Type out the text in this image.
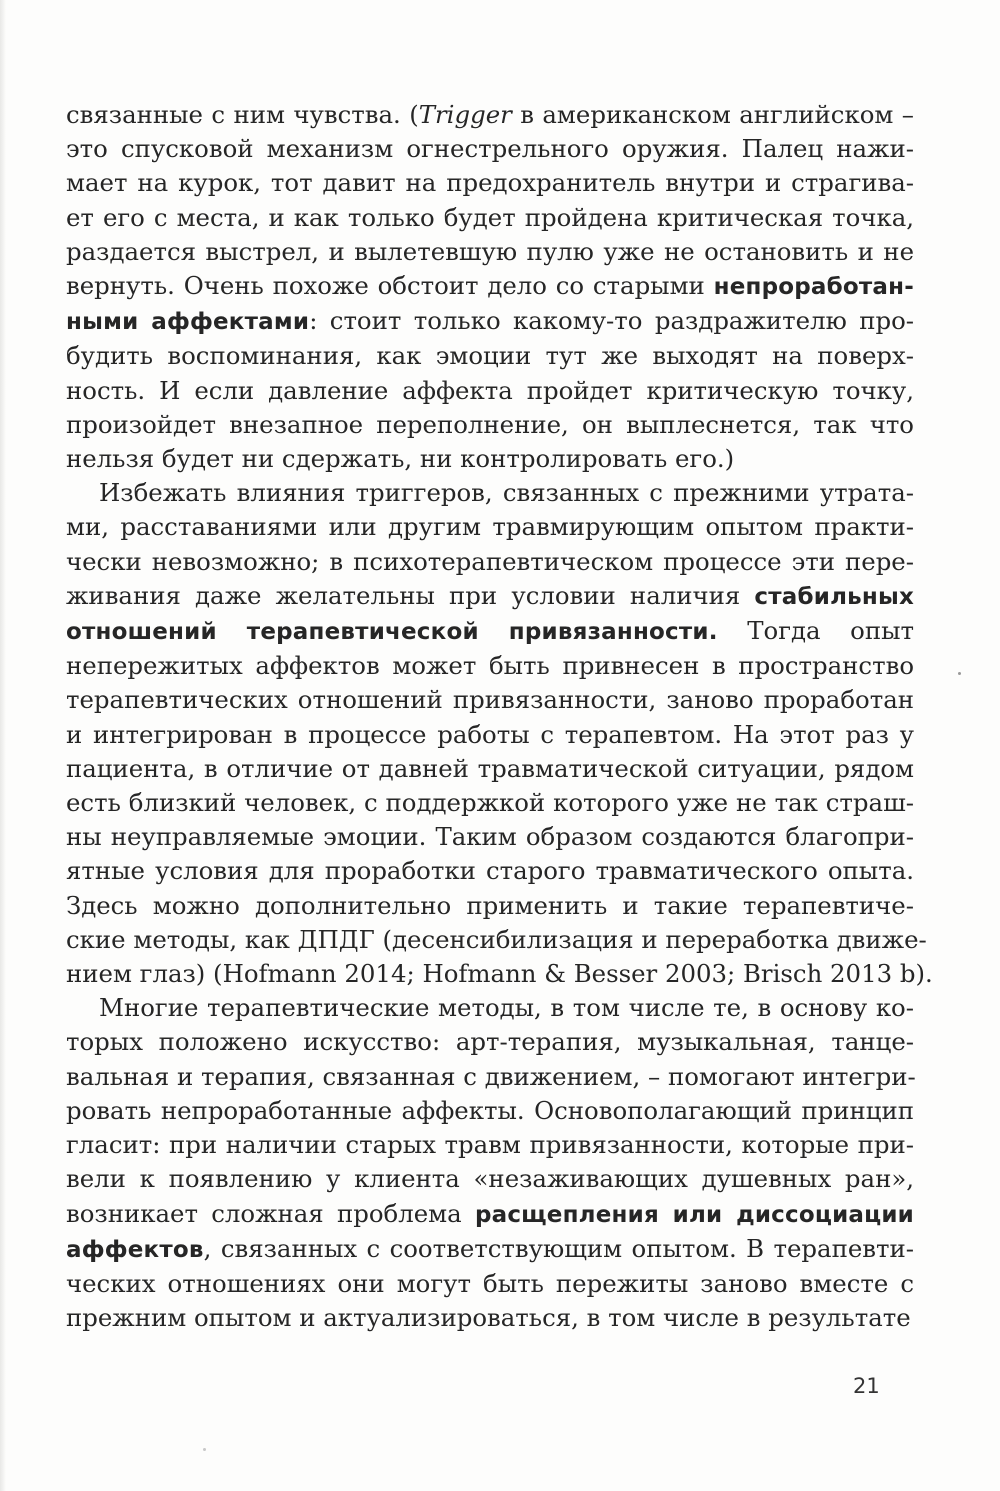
связанные с ним чувства. (Trigger в американском английском –
это спусковой механизм огнестрельного оружия. Палец нажи-
мает на курок, тот давит на предохранитель внутри и страгива-
ет его с места, и как только будет пройдена критическая точка,
раздается выстрел, и вылетевшую пулю уже не остановить и не
вернуть. Очень похоже обстоит дело со старыми непроработан-
ными аффектами: стоит только какому-то раздражителю про-
будить воспоминания, как эмоции тут же выходят на поверх-
ность. И если давление аффекта пройдет критическую точку,
произойдет внезапное переполнение, он выплеснется, так что
нельзя будет ни сдержать, ни контролировать его.)
Избежать влияния триггеров, связанных с прежними утрата-
ми, расставаниями или другим травмирующим опытом практи-
чески невозможно; в психотерапевтическом процессе эти пере-
живания даже желательны при условии наличия стабильных
отношений терапевтической привязанности. Тогда опыт
непережитых аффектов может быть привнесен в пространство
терапевтических отношений привязанности, заново проработан
и интегрирован в процессе работы с терапевтом. На этот раз у
пациента, в отличие от давней травматической ситуации, рядом
есть близкий человек, с поддержкой которого уже не так страш-
ны неуправляемые эмоции. Таким образом создаются благопри-
ятные условия для проработки старого травматического опыта.
Здесь можно дополнительно применить и такие терапевтиче-
ские методы, как ДПДГ (десенсибилизация и переработка движе-
нием глаз) (Hofmann 2014; Hofmann & Besser 2003; Brisch 2013 b).
Многие терапевтические методы, в том числе те, в основу ко-
торых положено искусство: арт-терапия, музыкальная, танце-
вальная и терапия, связанная с движением, – помогают интегри-
ровать непроработанные аффекты. Основополагающий принцип
гласит: при наличии старых травм привязанности, которые при-
вели к появлению у клиента «незаживающих душевных ран»,
возникает сложная проблема расщепления или диссоциации
аффектов, связанных с соответствующим опытом. В терапевти-
ческих отношениях они могут быть пережиты заново вместе с
прежним опытом и актуализироваться, в том числе в результате
21
